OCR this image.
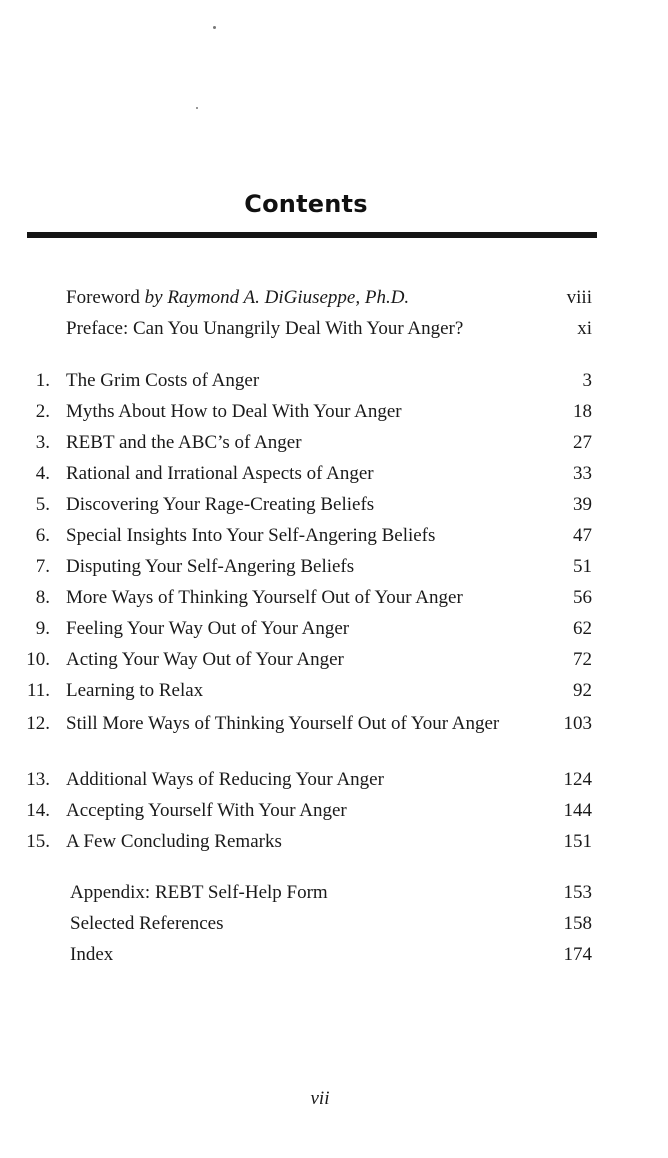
Contents
Foreword by Raymond A. DiGiuseppe, Ph.D.	viii
Preface: Can You Unangrily Deal With Your Anger?	xi
1. The Grim Costs of Anger	3
2. Myths About How to Deal With Your Anger	18
3. REBT and the ABC’s of Anger	27
4. Rational and Irrational Aspects of Anger	33
5. Discovering Your Rage-Creating Beliefs	39
6. Special Insights Into Your Self-Angering Beliefs	47
7. Disputing Your Self-Angering Beliefs	51
8. More Ways of Thinking Yourself Out of Your Anger	56
9. Feeling Your Way Out of Your Anger	62
10. Acting Your Way Out of Your Anger	72
11. Learning to Relax	92
12. Still More Ways of Thinking Yourself Out of Your Anger	103
13. Additional Ways of Reducing Your Anger	124
14. Accepting Yourself With Your Anger	144
15. A Few Concluding Remarks	151
Appendix: REBT Self-Help Form	153
Selected References	158
Index	174
vii
